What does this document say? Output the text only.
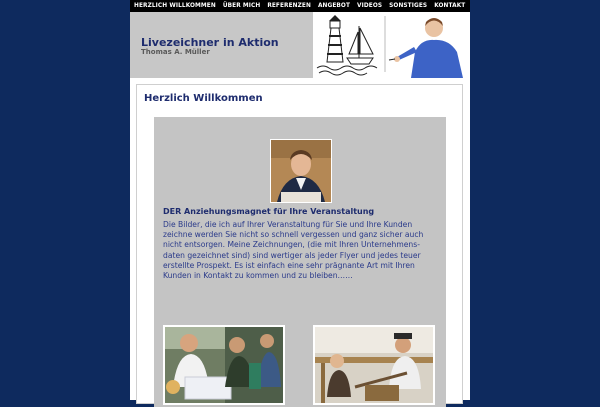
HERZLICH WILLKOMMEN ÜBER MICH REFERENZEN ANGEBOT VIDEOS SONSTIGES KONTAKT
Livezeichner in Aktion
Thomas A. Müller
Herzlich Willkommen
DER Anziehungsmagnet für Ihre Veranstaltung
Die Bilder, die ich auf Ihrer Veranstaltung für Sie und Ihre Kunden zeichne werden Sie nicht so schnell vergessen und ganz sicher auch nicht entsorgen. Meine Zeichnungen, (die mit Ihren Unternehmens-daten gezeichnet sind) sind wertiger als jeder Flyer und jedes teuer erstellte Prospekt. Es ist einfach eine sehr prägnante Art mit Ihren Kunden in Kontakt zu kommen und zu bleiben……
